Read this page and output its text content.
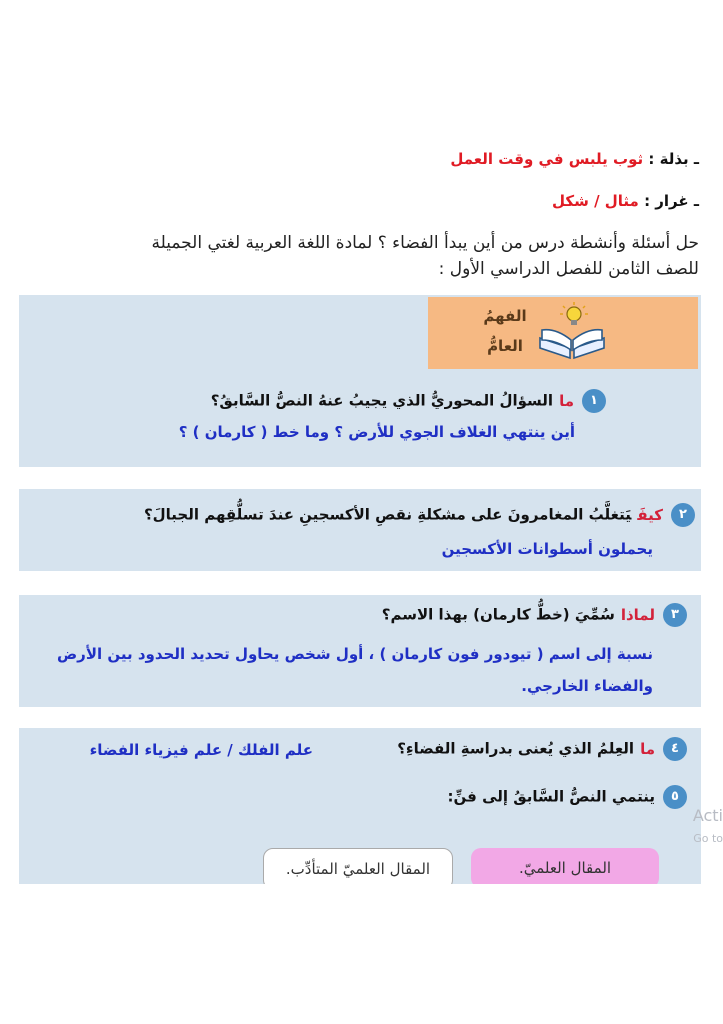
ـ بذلة : ثوب يلبس في وقت العمل
ـ غرار : مثال / شكل
حل أسئلة وأنشطة درس من أين يبدأ الفضاء ؟ لمادة اللغة العربية لغتي الجميلة
للصف الثامن للفصل الدراسي الأول :
الفهمُ
العامُّ
١ماالسؤالُ المحوريُّ الذي يجيبُ عنهُ النصُّ السَّابقُ؟
أين ينتهي الغلاف الجوي للأرض ؟ وما خط ( كارمان ) ؟
٢كيفَيَتغلَّبُ المغامرونَ على مشكلةِ نقصِ الأكسجينِ عندَ تسلُّقِهم الجبالَ؟
يحملون أسطوانات الأكسجين
٣لماذاسُمِّيَ (خطُّ كارمان) بهذا الاسم؟
نسبة إلى اسم ( تيودور فون كارمان ) ، أول شخص يحاول تحديد الحدود بين الأرض والفضاء الخارجي.
٤ماالعِلمُ الذي يُعنى بدراسةِ الفضاءِ؟
علم الفلك / علم فيزياء الفضاء
٥ينتمي النصُّ السَّابقُ إلى فنِّ:
المقال العلميّ.
المقال العلميّ المتأدِّب.
Acti
Go to
